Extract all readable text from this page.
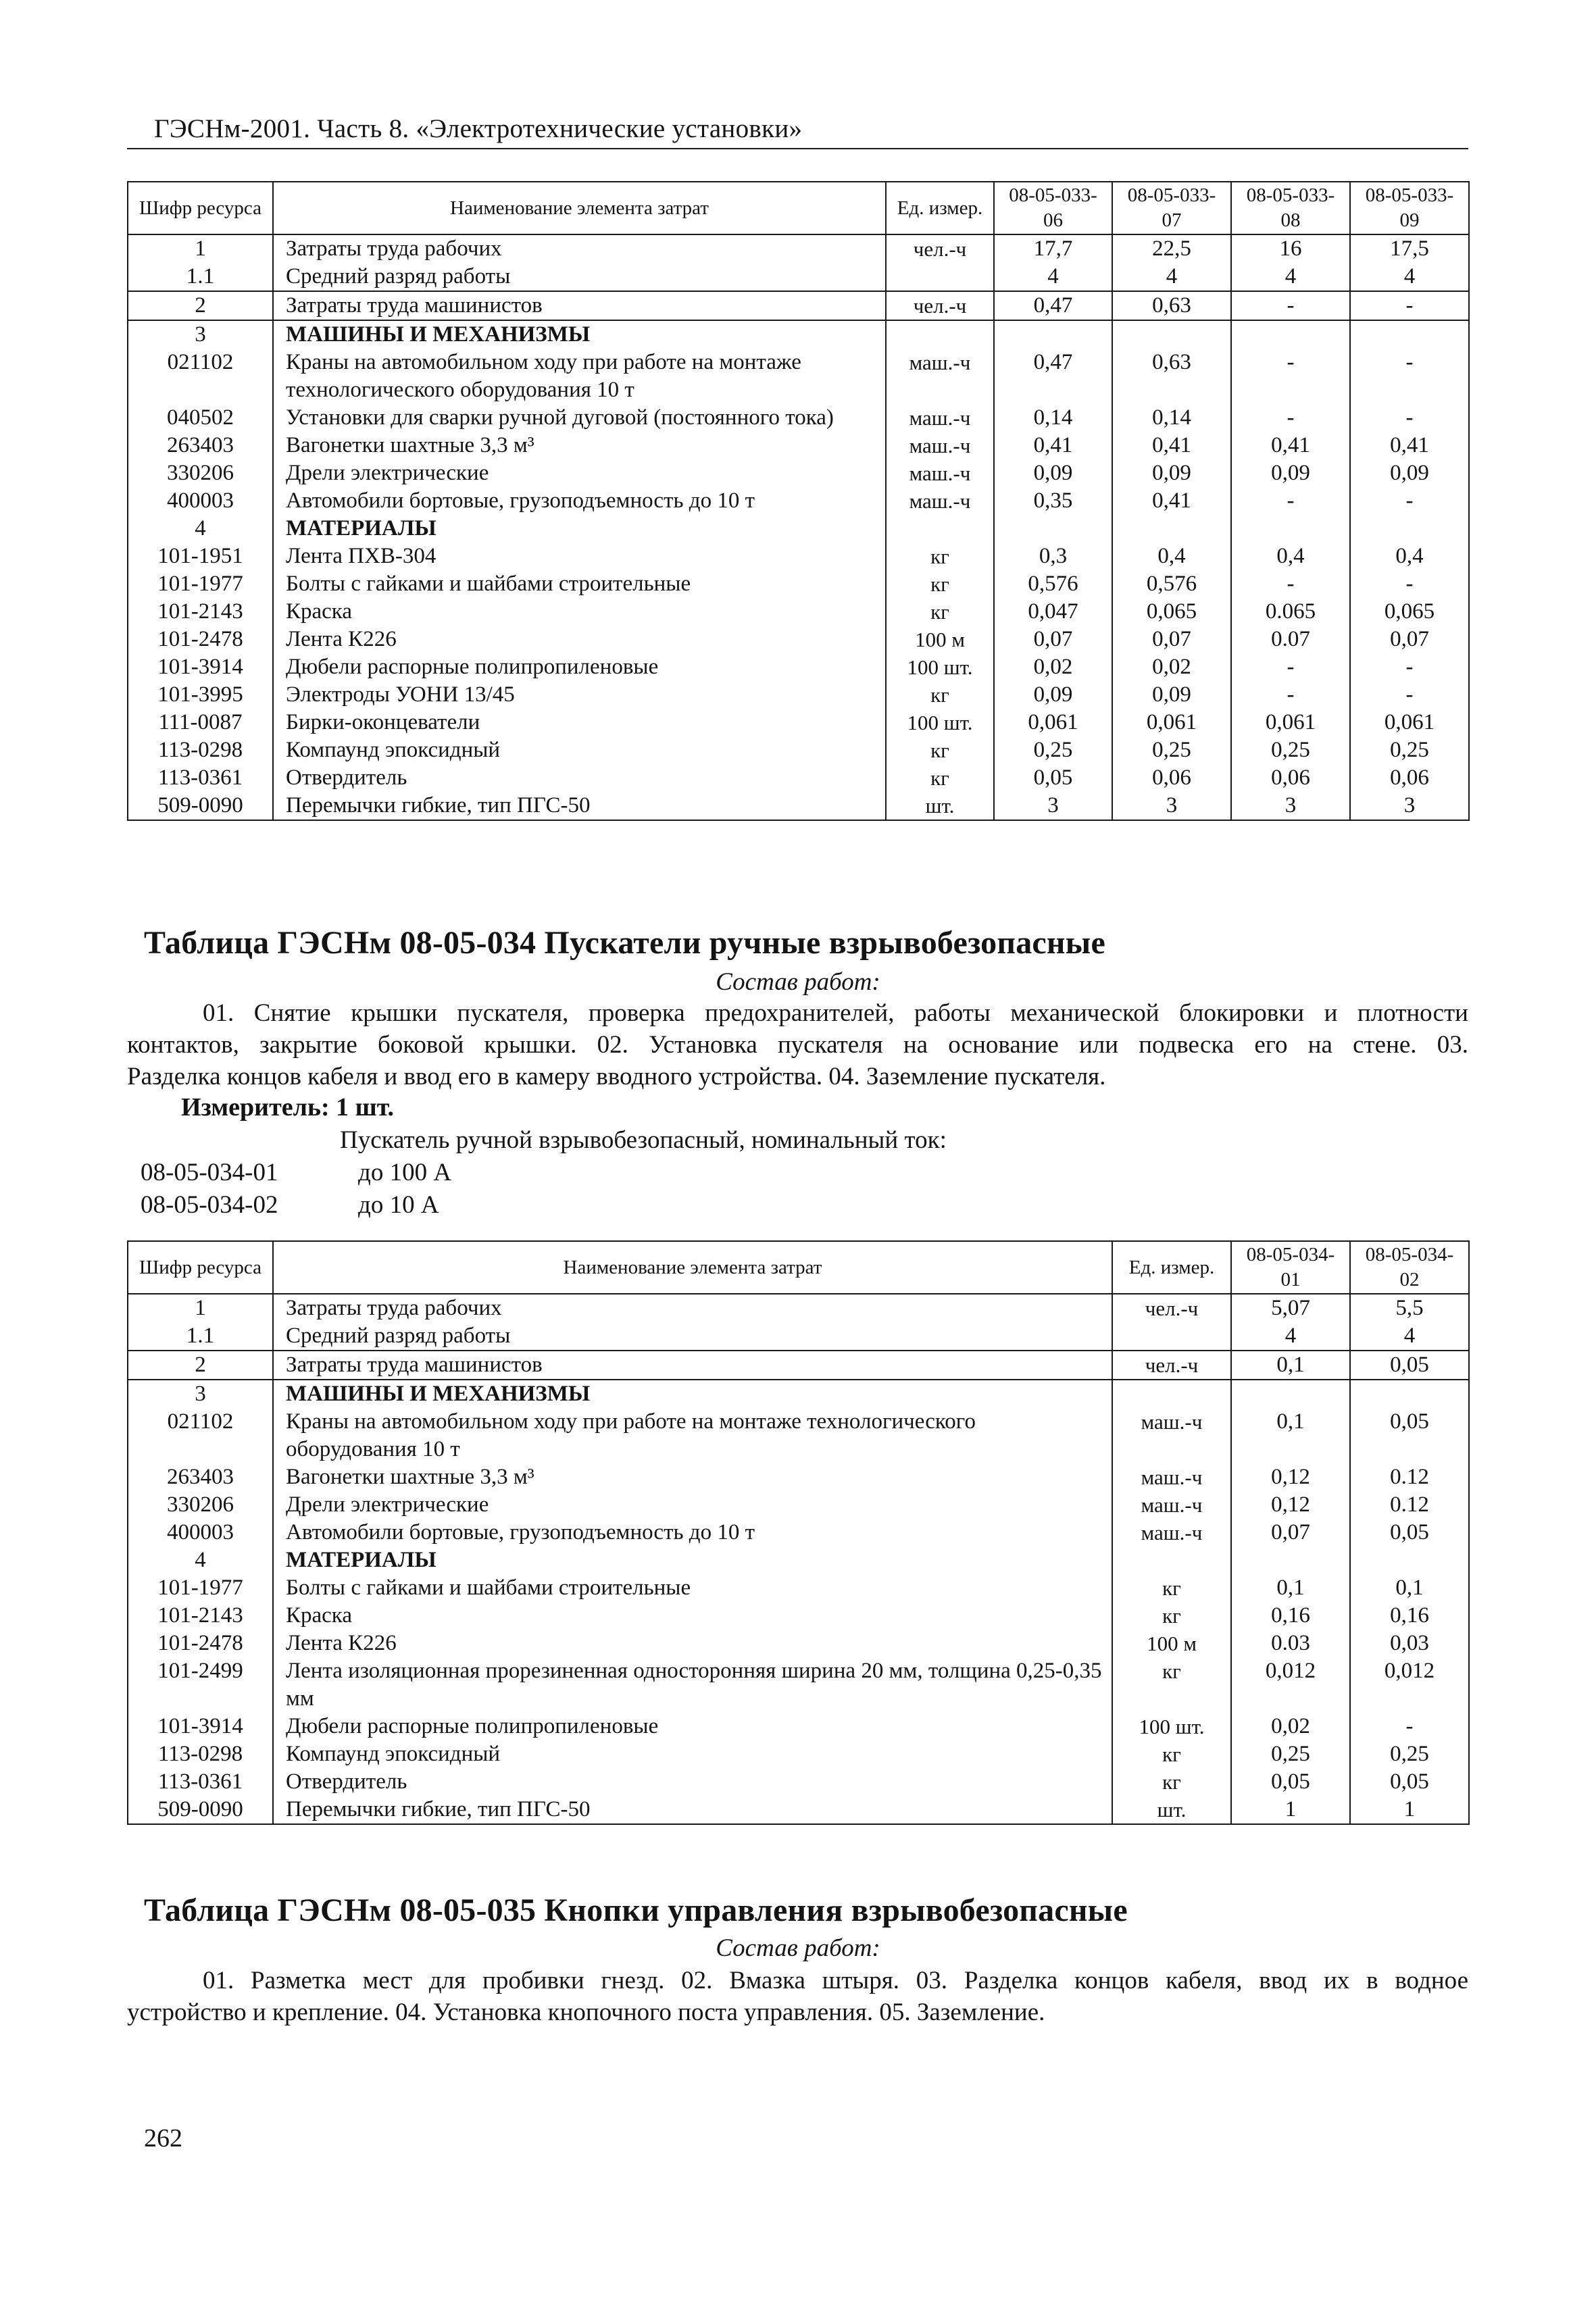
ГЭСНм-2001. Часть 8. «Электротехнические установки»
Шифр ресурса	Наименование элемента затрат	Ед. измер.	08-05-033-06	08-05-033-07	08-05-033-08	08-05-033-09
1	Затраты труда рабочих	чел.-ч	17,7	22,5	16	17,5
1.1	Средний разряд работы		4	4	4	4
2	Затраты труда машинистов	чел.-ч	0,47	0,63	-	-
3	МАШИНЫ И МЕХАНИЗМЫ					
021102	Краны на автомобильном ходу при работе на монтаже технологического оборудования 10 т	маш.-ч	0,47	0,63	-	-
040502	Установки для сварки ручной дуговой (постоянного тока)	маш.-ч	0,14	0,14	-	-
263403	Вагонетки шахтные 3,3 м³	маш.-ч	0,41	0,41	0,41	0,41
330206	Дрели электрические	маш.-ч	0,09	0,09	0,09	0,09
400003	Автомобили бортовые, грузоподъемность до 10 т	маш.-ч	0,35	0,41	-	-
4	МАТЕРИАЛЫ					
101-1951	Лента ПХВ-304	кг	0,3	0,4	0,4	0,4
101-1977	Болты с гайками и шайбами строительные	кг	0,576	0,576	-	-
101-2143	Краска	кг	0,047	0,065	0.065	0,065
101-2478	Лента К226	100 м	0,07	0,07	0.07	0,07
101-3914	Дюбели распорные полипропиленовые	100 шт.	0,02	0,02	-	-
101-3995	Электроды УОНИ 13/45	кг	0,09	0,09	-	-
111-0087	Бирки-оконцеватели	100 шт.	0,061	0,061	0,061	0,061
113-0298	Компаунд эпоксидный	кг	0,25	0,25	0,25	0,25
113-0361	Отвердитель	кг	0,05	0,06	0,06	0,06
509-0090	Перемычки гибкие, тип ПГС-50	шт.	3	3	3	3
Таблица ГЭСНм 08-05-034 Пускатели ручные взрывобезопасные
Состав работ:
01. Снятие крышки пускателя, проверка предохранителей, работы механической блокировки и плотности
контактов, закрытие боковой крышки. 02. Установка пускателя на основание или подвеска его на стене. 03.
Разделка концов кабеля и ввод его в камеру вводного устройства. 04. Заземление пускателя.
Измеритель: 1 шт.
Пускатель ручной взрывобезопасный, номинальный ток:
08-05-034-01	до 100 А
08-05-034-02	до 10 А
Шифр ресурса	Наименование элемента затрат	Ед. измер.	08-05-034-01	08-05-034-02
1	Затраты труда рабочих	чел.-ч	5,07	5,5
1.1	Средний разряд работы		4	4
2	Затраты труда машинистов	чел.-ч	0,1	0,05
3	МАШИНЫ И МЕХАНИЗМЫ			
021102	Краны на автомобильном ходу при работе на монтаже технологического оборудования 10 т	маш.-ч	0,1	0,05
263403	Вагонетки шахтные 3,3 м³	маш.-ч	0,12	0.12
330206	Дрели электрические	маш.-ч	0,12	0.12
400003	Автомобили бортовые, грузоподъемность до 10 т	маш.-ч	0,07	0,05
4	МАТЕРИАЛЫ			
101-1977	Болты с гайками и шайбами строительные	кг	0,1	0,1
101-2143	Краска	кг	0,16	0,16
101-2478	Лента К226	100 м	0.03	0,03
101-2499	Лента изоляционная прорезиненная односторонняя ширина 20 мм, толщина 0,25-0,35 мм	кг	0,012	0,012
101-3914	Дюбели распорные полипропиленовые	100 шт.	0,02	-
113-0298	Компаунд эпоксидный	кг	0,25	0,25
113-0361	Отвердитель	кг	0,05	0,05
509-0090	Перемычки гибкие, тип ПГС-50	шт.	1	1
Таблица ГЭСНм 08-05-035 Кнопки управления взрывобезопасные
Состав работ:
01. Разметка мест для пробивки гнезд. 02. Вмазка штыря. 03. Разделка концов кабеля, ввод их в водное
устройство и крепление. 04. Установка кнопочного поста управления. 05. Заземление.
262
